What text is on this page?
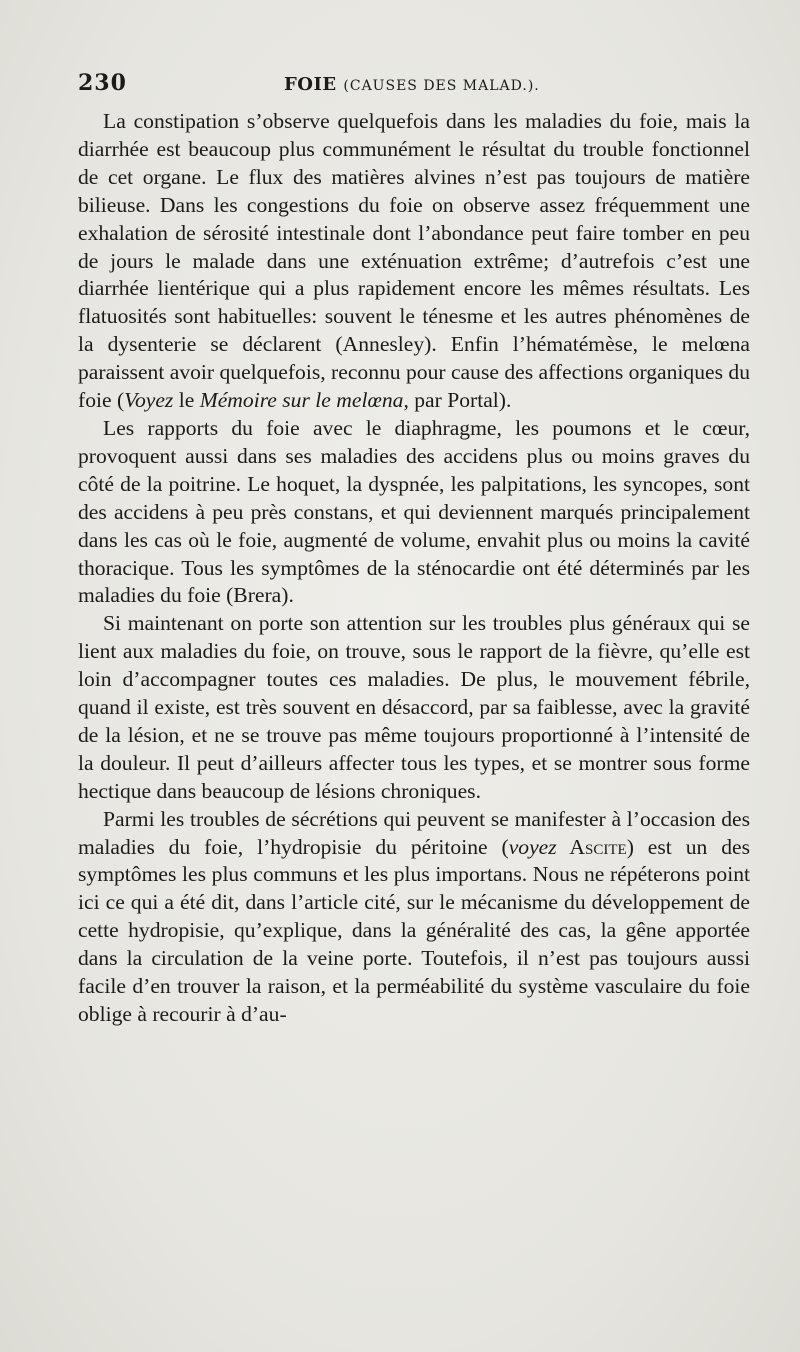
230	FOIE (CAUSES DES MALAD.).

La constipation s’observe quelquefois dans les maladies du foie, mais la diarrhée est beaucoup plus communément le résultat du trouble fonctionnel de cet organe. Le flux des matières alvines n’est pas toujours de matière bilieuse. Dans les congestions du foie on observe assez fréquemment une exhalation de sérosité intestinale dont l’abondance peut faire tomber en peu de jours le malade dans une exténuation extrême; d’autrefois c’est une diarrhée lientérique qui a plus rapidement encore les mêmes résultats. Les flatuosités sont habituelles: souvent le ténesme et les autres phénomènes de la dysenterie se déclarent (Annesley). Enfin l’hématémèse, le melœna paraissent avoir quelquefois, reconnu pour cause des affections organiques du foie (Voyez le Mémoire sur le melœna, par Portal).

Les rapports du foie avec le diaphragme, les poumons et le cœur, provoquent aussi dans ses maladies des accidens plus ou moins graves du côté de la poitrine. Le hoquet, la dyspnée, les palpitations, les syncopes, sont des accidens à peu près constans, et qui deviennent marqués principalement dans les cas où le foie, augmenté de volume, envahit plus ou moins la cavité thoracique. Tous les symptômes de la sténocardie ont été déterminés par les maladies du foie (Brera).

Si maintenant on porte son attention sur les troubles plus généraux qui se lient aux maladies du foie, on trouve, sous le rapport de la fièvre, qu’elle est loin d’accompagner toutes ces maladies. De plus, le mouvement fébrile, quand il existe, est très souvent en désaccord, par sa faiblesse, avec la gravité de la lésion, et ne se trouve pas même toujours proportionné à l’intensité de la douleur. Il peut d’ailleurs affecter tous les types, et se montrer sous forme hectique dans beaucoup de lésions chroniques.

Parmi les troubles de sécrétions qui peuvent se manifester à l’occasion des maladies du foie, l’hydropisie du péritoine (voyez Ascite) est un des symptômes les plus communs et les plus importans. Nous ne répéterons point ici ce qui a été dit, dans l’article cité, sur le mécanisme du développement de cette hydropisie, qu’explique, dans la généralité des cas, la gêne apportée dans la circulation de la veine porte. Toutefois, il n’est pas toujours aussi facile d’en trouver la raison, et la perméabilité du système vasculaire du foie oblige à recourir à d’au-
